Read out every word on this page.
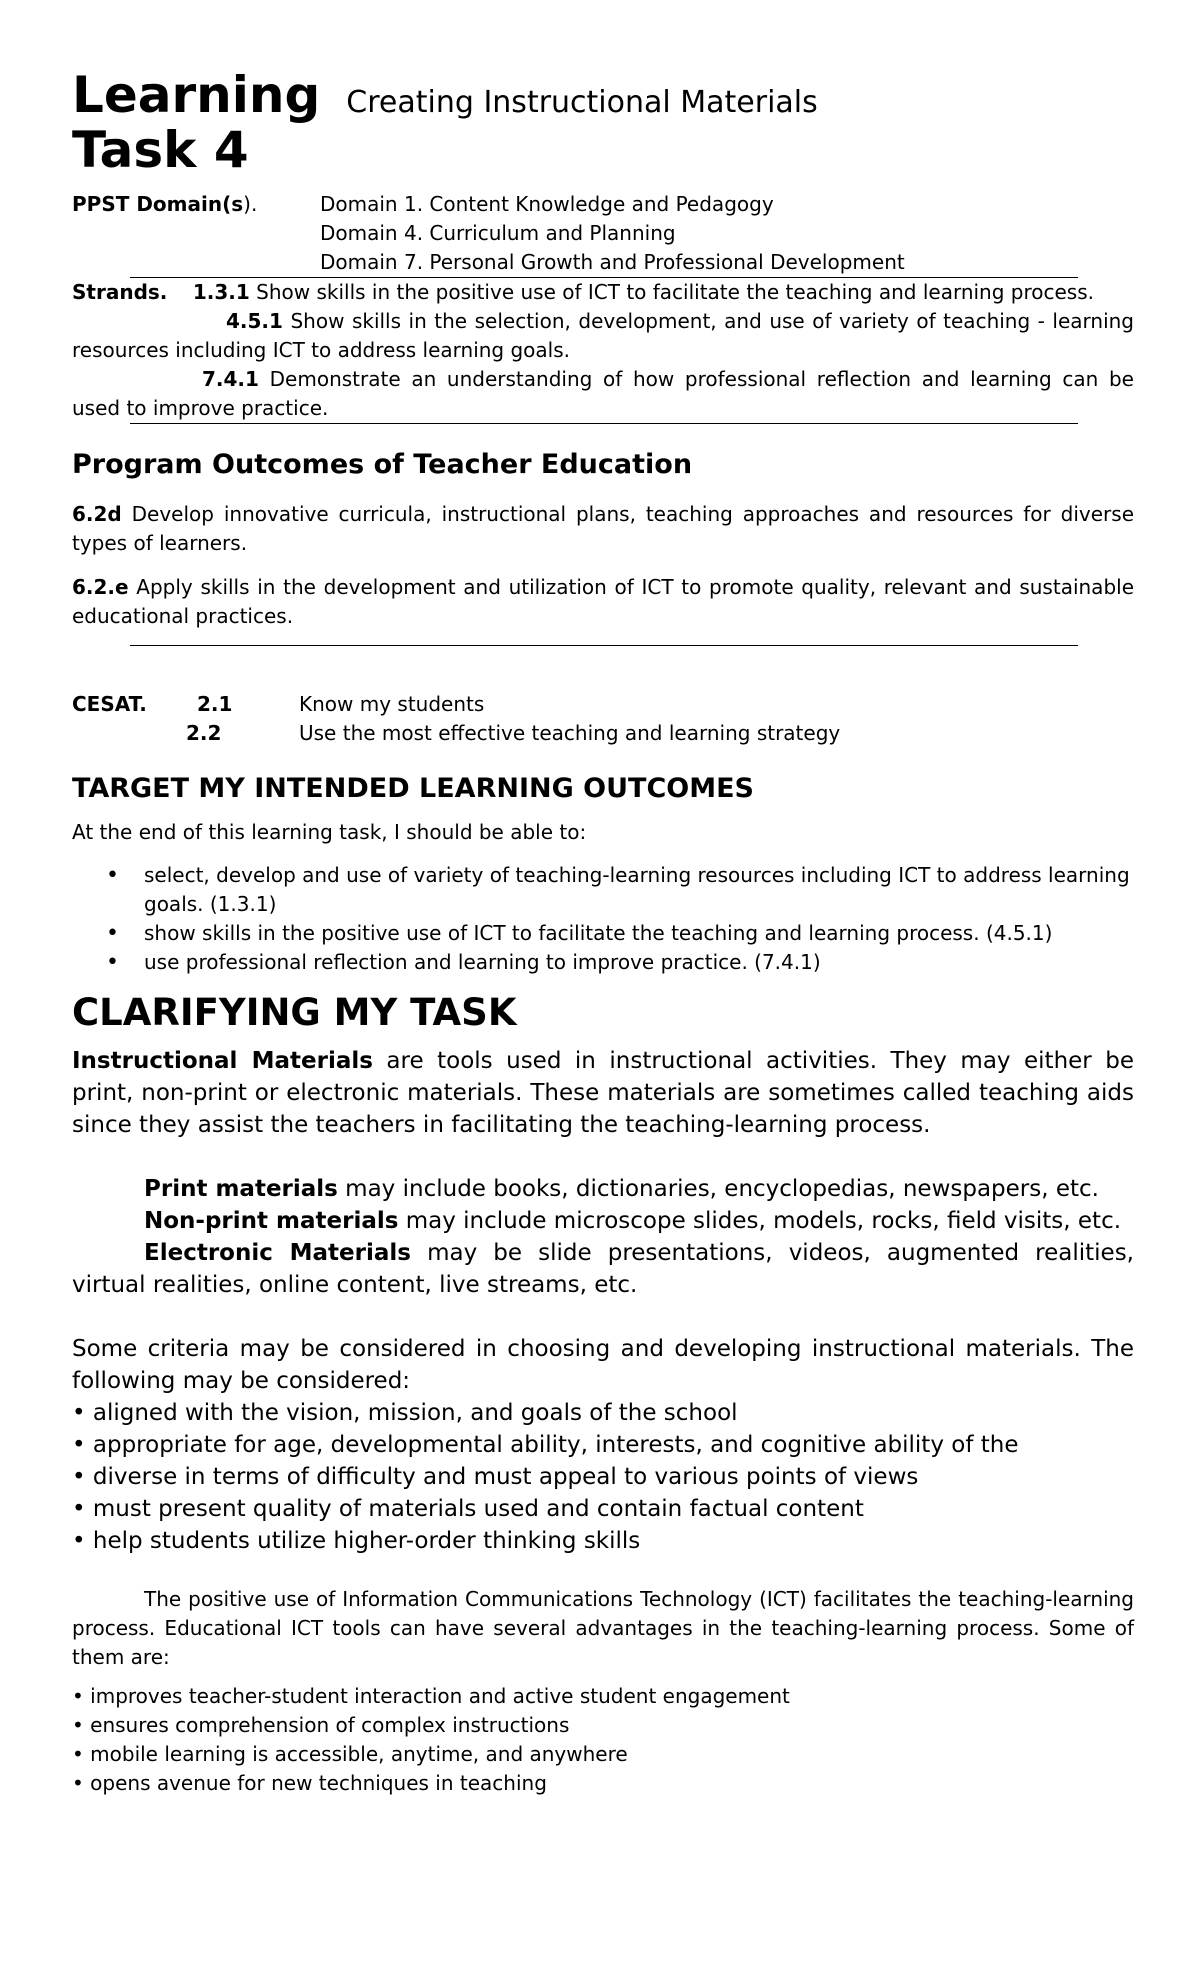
Learning Creating Instructional Materials
Task 4
PPST Domain(s).	Domain 1. Content Knowledge and Pedagogy
Domain 4. Curriculum and Planning
Domain 7. Personal Growth and Professional Development
Strands. 1.3.1 Show skills in the positive use of ICT to facilitate the teaching and learning process.
4.5.1 Show skills in the selection, development, and use of variety of teaching - learning resources including ICT to address learning goals.
7.4.1 Demonstrate an understanding of how professional reflection and learning can be used to improve practice.
Program Outcomes of Teacher Education
6.2d Develop innovative curricula, instructional plans, teaching approaches and resources for diverse types of learners.
6.2.e Apply skills in the development and utilization of ICT to promote quality, relevant and sustainable educational practices.
CESAT.	2.1	Know my students
2.2	Use the most effective teaching and learning strategy
TARGET MY INTENDED LEARNING OUTCOMES
At the end of this learning task, I should be able to:
• select, develop and use of variety of teaching-learning resources including ICT to address learning goals. (1.3.1)
• show skills in the positive use of ICT to facilitate the teaching and learning process. (4.5.1)
• use professional reflection and learning to improve practice. (7.4.1)
CLARIFYING MY TASK
Instructional Materials are tools used in instructional activities. They may either be print, non-print or electronic materials. These materials are sometimes called teaching aids since they assist the teachers in facilitating the teaching-learning process.
Print materials may include books, dictionaries, encyclopedias, newspapers, etc.
Non-print materials may include microscope slides, models, rocks, field visits, etc.
Electronic Materials may be slide presentations, videos, augmented realities, virtual realities, online content, live streams, etc.
Some criteria may be considered in choosing and developing instructional materials. The following may be considered:
• aligned with the vision, mission, and goals of the school
• appropriate for age, developmental ability, interests, and cognitive ability of the
• diverse in terms of difficulty and must appeal to various points of views
• must present quality of materials used and contain factual content
• help students utilize higher-order thinking skills
The positive use of Information Communications Technology (ICT) facilitates the teaching-learning process. Educational ICT tools can have several advantages in the teaching-learning process. Some of them are:
• improves teacher-student interaction and active student engagement
• ensures comprehension of complex instructions
• mobile learning is accessible, anytime, and anywhere
• opens avenue for new techniques in teaching
